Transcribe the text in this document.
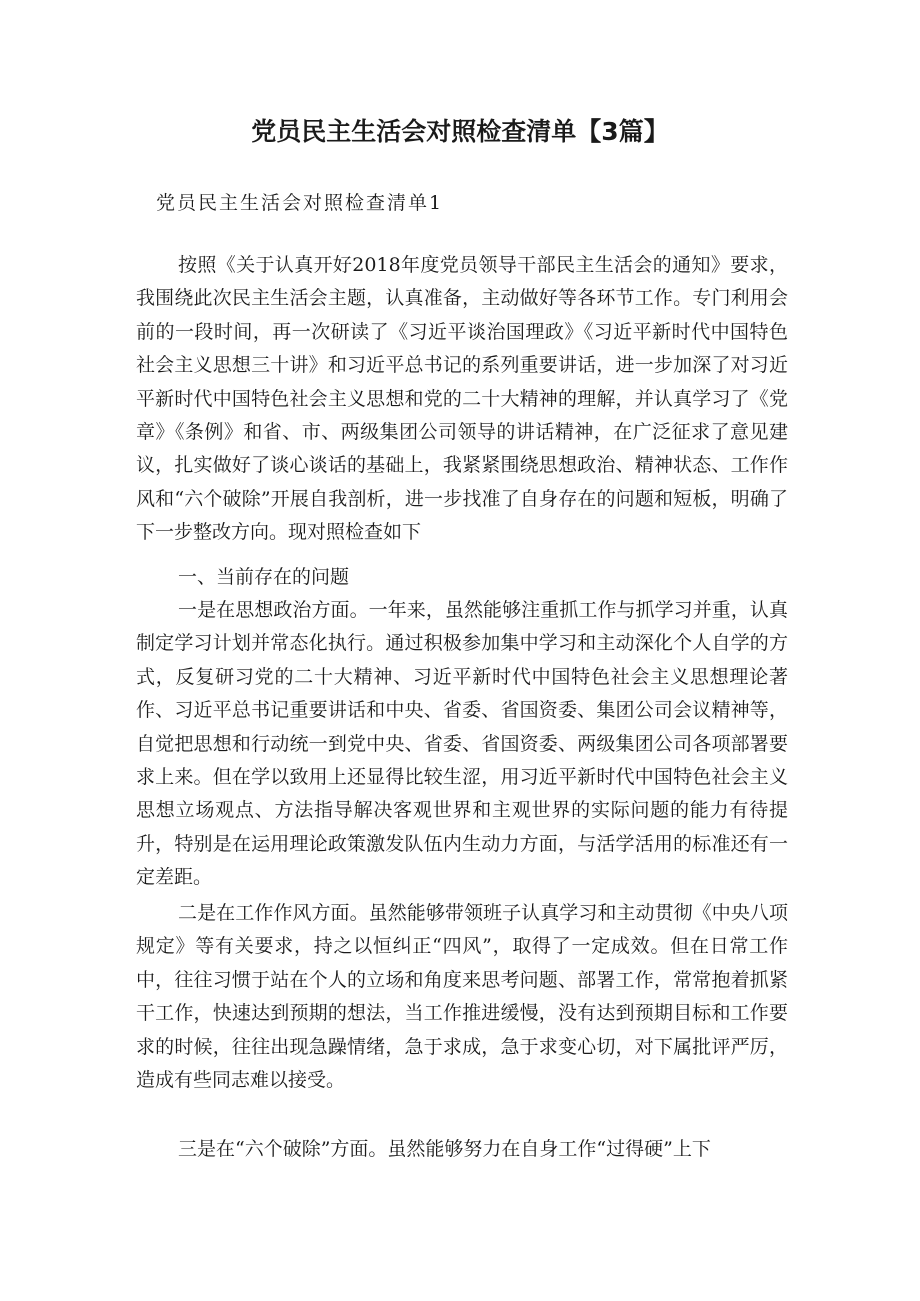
党员民主生活会对照检查清单【3篇】
党员民主生活会对照检查清单1

按照《关于认真开好2018年度党员领导干部民主生活会的通知》要求，我围绕此次民主生活会主题，认真准备，主动做好等各环节工作。专门利用会前的一段时间，再一次研读了《习近平谈治国理政》《习近平新时代中国特色社会主义思想三十讲》和习近平总书记的系列重要讲话，进一步加深了对习近平新时代中国特色社会主义思想和党的二十大精神的理解，并认真学习了《党章》《条例》和省、市、两级集团公司领导的讲话精神，在广泛征求了意见建议，扎实做好了谈心谈话的基础上，我紧紧围绕思想政治、精神状态、工作作风和“六个破除”开展自我剖析，进一步找准了自身存在的问题和短板，明确了下一步整改方向。现对照检查如下

一、当前存在的问题

一是在思想政治方面。一年来，虽然能够注重抓工作与抓学习并重，认真制定学习计划并常态化执行。通过积极参加集中学习和主动深化个人自学的方式，反复研习党的二十大精神、习近平新时代中国特色社会主义思想理论著作、习近平总书记重要讲话和中央、省委、省国资委、集团公司会议精神等，自觉把思想和行动统一到党中央、省委、省国资委、两级集团公司各项部署要求上来。但在学以致用上还显得比较生涩，用习近平新时代中国特色社会主义思想立场观点、方法指导解决客观世界和主观世界的实际问题的能力有待提升，特别是在运用理论政策激发队伍内生动力方面，与活学活用的标准还有一定差距。

二是在工作作风方面。虽然能够带领班子认真学习和主动贯彻《中央八项规定》等有关要求，持之以恒纠正“四风”，取得了一定成效。但在日常工作中，往往习惯于站在个人的立场和角度来思考问题、部署工作，常常抱着抓紧干工作，快速达到预期的想法，当工作推进缓慢，没有达到预期目标和工作要求的时候，往往出现急躁情绪，急于求成，急于求变心切，对下属批评严厉，造成有些同志难以接受。

三是在“六个破除”方面。虽然能够努力在自身工作“过得硬”上下
